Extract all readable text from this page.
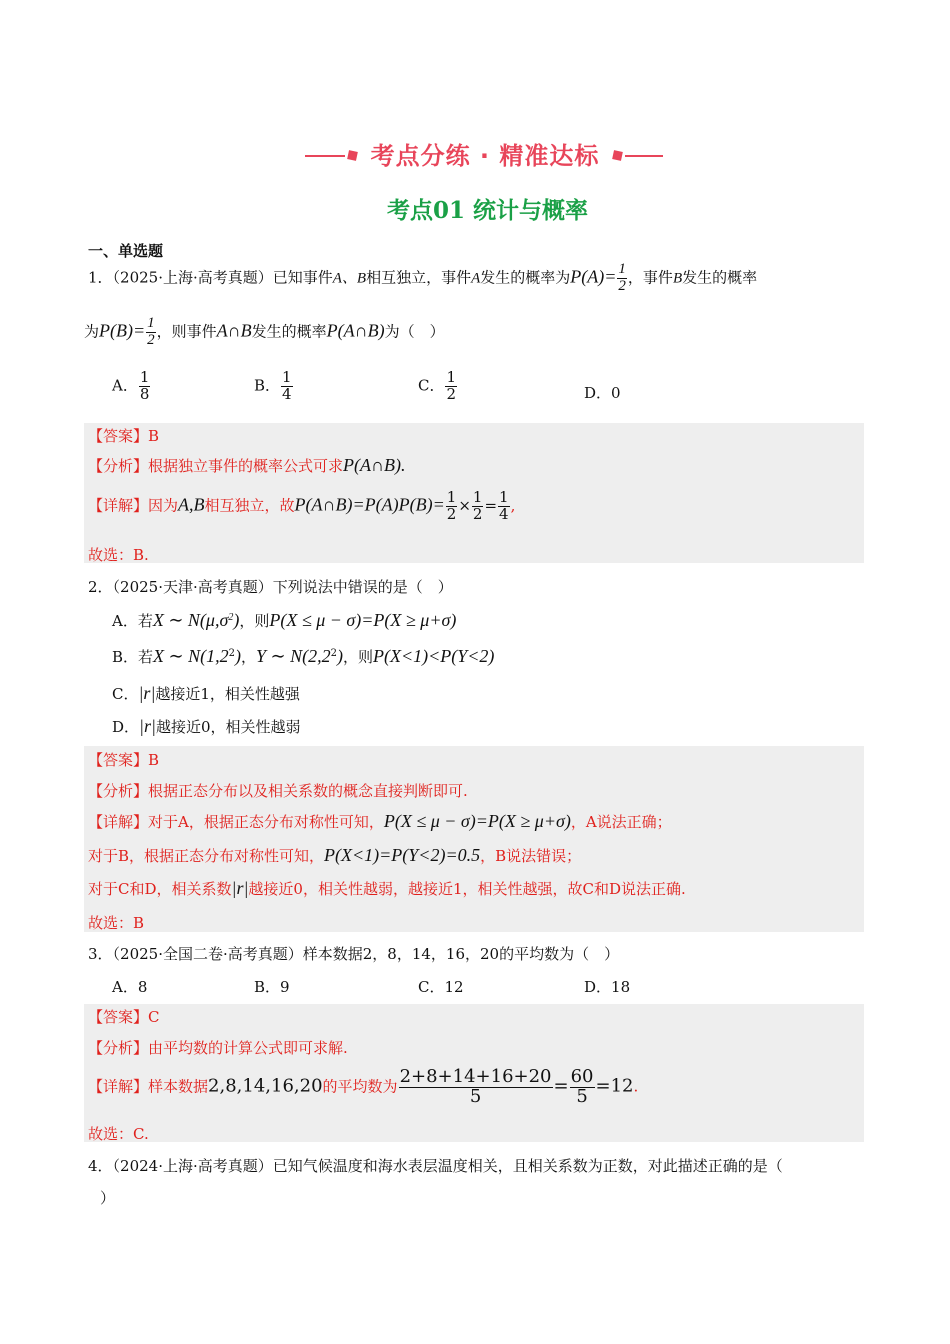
考点分练 · 精准达标
考点01 统计与概率
一、单选题
1．（2025·上海·高考真题）已知事件A、B相互独立，事件A发生的概率为$P(A)= \frac{1}{2}$ ，事件B发生的概率
为$P(B)= \frac{1}{2}$ ，则事件A∩B发生的概率P(A∩B)为（　）
A． $\frac{1}{8}$	B． $\frac{1}{4}$	C． $\frac{1}{2}$	D．0
【答案】B
【分析】根据独立事件的概率公式可求P(A∩B).
【详解】因为A,B相互独立，故P(A∩B)=P(A)P(B)= $\frac{1}{2} \times \frac{1}{2} = \frac{1}{4}$ ,
故选：B.
2．（2025·天津·高考真题）下列说法中错误的是（　）
A．若X ∼ $N(\mu,\sigma^2)$，则P(X ≤ μ − σ)=P(X ≥ μ+σ)
B．若X ∼ $N(1,2^2)$，Y ∼ $N(2,2^2)$，则P(X<1)<P(Y<2)
C．|r|越接近1，相关性越强
D．|r|越接近0，相关性越弱
【答案】B
【分析】根据正态分布以及相关系数的概念直接判断即可.
【详解】对于A，根据正态分布对称性可知，P(X ≤ μ − σ)=P(X ≥ μ+σ)，A说法正确；
对于B，根据正态分布对称性可知，P(X<1)=P(Y<2)=0.5，B说法错误；
对于C和D，相关系数|r|越接近0，相关性越弱，越接近1，相关性越强，故C和D说法正确.
故选：B
3．（2025·全国二卷·高考真题）样本数据2，8，14，16，20的平均数为（　）
A．8	B．9	C．12	D．18
【答案】C
【分析】由平均数的计算公式即可求解.
【详解】样本数据2,8,14,16,20的平均数为 $\frac{2+8+14+16+20}{5} = \frac{60}{5} =12$.
故选：C.
4．（2024·上海·高考真题）已知气候温度和海水表层温度相关，且相关系数为正数，对此描述正确的是（
）
